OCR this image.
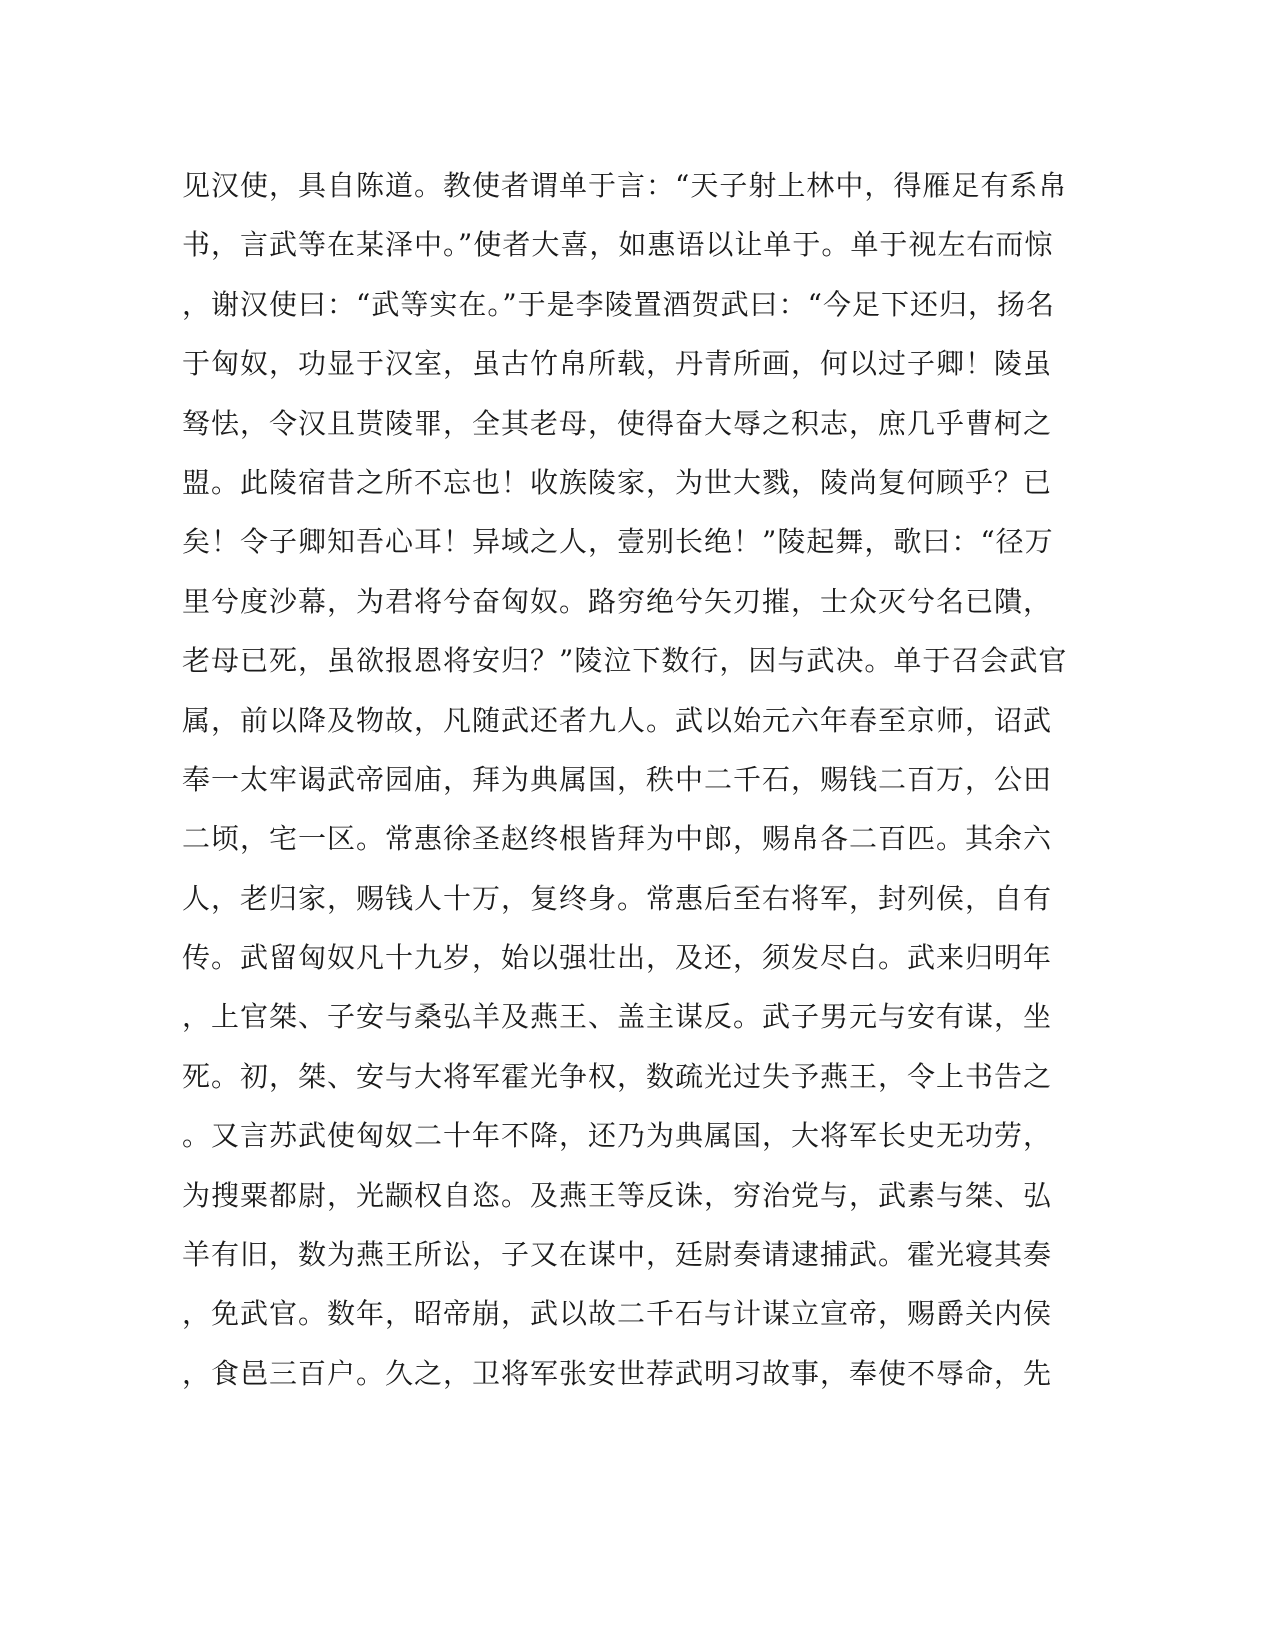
见汉使，具自陈道。教使者谓单于言：“天子射上林中，得雁足有系帛
书，言武等在某泽中。”使者大喜，如惠语以让单于。单于视左右而惊
，谢汉使曰：“武等实在。”于是李陵置酒贺武曰：“今足下还归，扬名
于匈奴，功显于汉室，虽古竹帛所载，丹青所画，何以过子卿！陵虽
驽怯，令汉且贳陵罪，全其老母，使得奋大辱之积志，庶几乎曹柯之
盟。此陵宿昔之所不忘也！收族陵家，为世大戮，陵尚复何顾乎？已
矣！令子卿知吾心耳！异域之人，壹别长绝！”陵起舞，歌曰：“径万
里兮度沙幕，为君将兮奋匈奴。路穷绝兮矢刃摧，士众灭兮名已隤，
老母已死，虽欲报恩将安归？”陵泣下数行，因与武决。单于召会武官
属，前以降及物故，凡随武还者九人。武以始元六年春至京师，诏武
奉一太牢谒武帝园庙，拜为典属国，秩中二千石，赐钱二百万，公田
二顷，宅一区。常惠徐圣赵终根皆拜为中郎，赐帛各二百匹。其余六
人，老归家，赐钱人十万，复终身。常惠后至右将军，封列侯，自有
传。武留匈奴凡十九岁，始以强壮出，及还，须发尽白。武来归明年
，上官桀、子安与桑弘羊及燕王、盖主谋反。武子男元与安有谋，坐
死。初，桀、安与大将军霍光争权，数疏光过失予燕王，令上书告之
。又言苏武使匈奴二十年不降，还乃为典属国，大将军长史无功劳，
为搜粟都尉，光颛权自恣。及燕王等反诛，穷治党与，武素与桀、弘
羊有旧，数为燕王所讼，子又在谋中，廷尉奏请逮捕武。霍光寝其奏
，免武官。数年，昭帝崩，武以故二千石与计谋立宣帝，赐爵关内侯
，食邑三百户。久之，卫将军张安世荐武明习故事，奉使不辱命，先
